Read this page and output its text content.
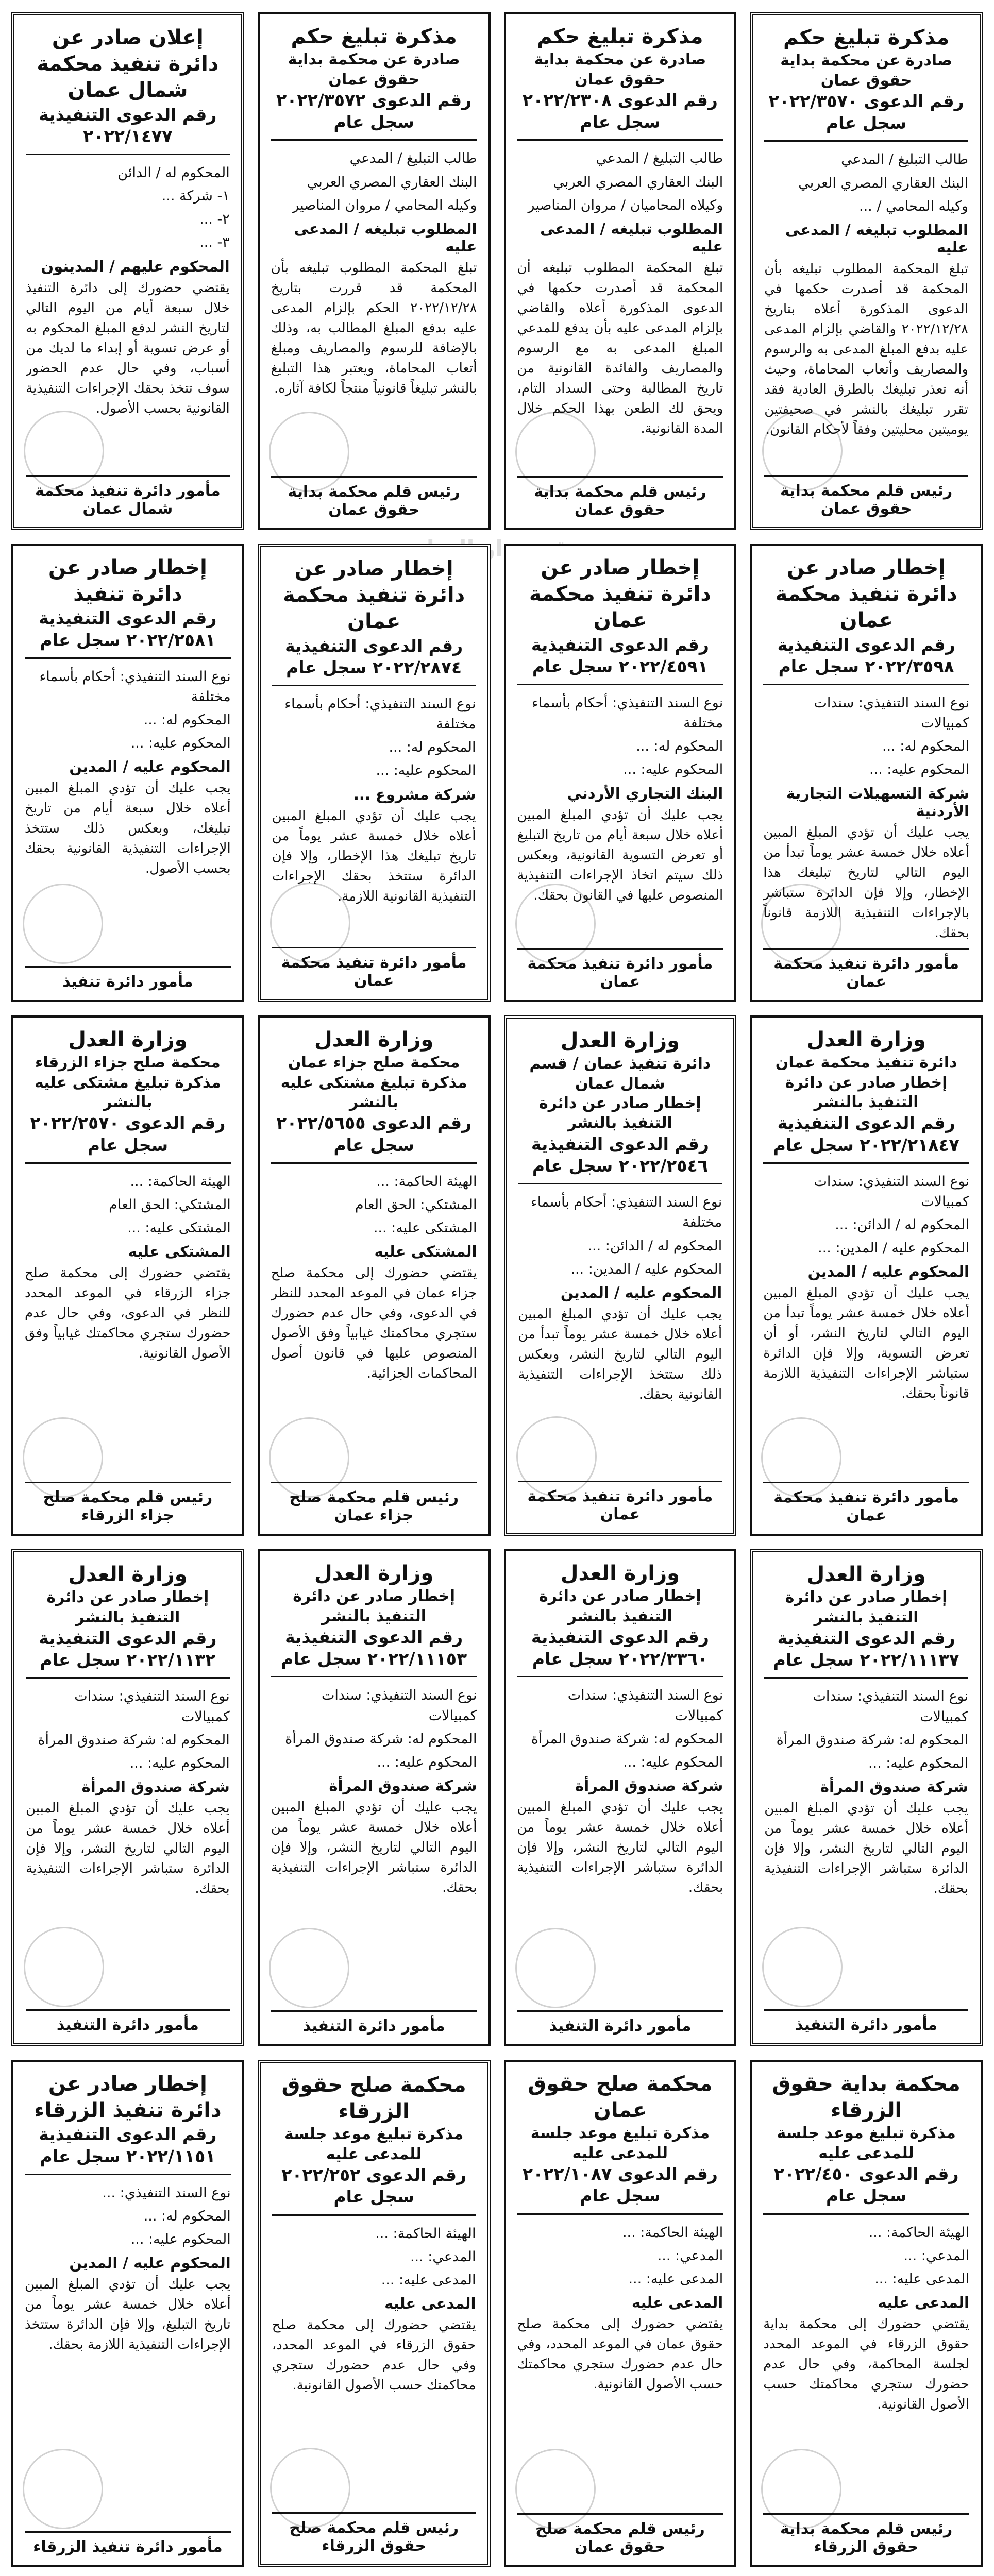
موقع مدار الساعة
مذكرة تبليغ حكم
صادرة عن محكمة بداية حقوق عمان
رقم الدعوى ٢٠٢٢/٣٥٧٠ سجل عام
طالب التبليغ / المدعي
البنك العقاري المصري العربي
وكيله المحامي / ...
المطلوب تبليغه / المدعى عليه
تبلغ المحكمة المطلوب تبليغه بأن المحكمة قد أصدرت حكمها في الدعوى المذكورة أعلاه بتاريخ ٢٠٢٢/١٢/٢٨ والقاضي بإلزام المدعى عليه بدفع المبلغ المدعى به والرسوم والمصاريف وأتعاب المحاماة، وحيث أنه تعذر تبليغك بالطرق العادية فقد تقرر تبليغك بالنشر في صحيفتين يوميتين محليتين وفقاً لأحكام القانون.
رئيس قلم محكمة بداية حقوق عمان
مذكرة تبليغ حكم
صادرة عن محكمة بداية حقوق عمان
رقم الدعوى ٢٠٢٢/٢٣٠٨ سجل عام
طالب التبليغ / المدعي
البنك العقاري المصري العربي
وكيلاه المحاميان / مروان المناصير
المطلوب تبليغه / المدعى عليه
تبلغ المحكمة المطلوب تبليغه أن المحكمة قد أصدرت حكمها في الدعوى المذكورة أعلاه والقاضي بإلزام المدعى عليه بأن يدفع للمدعي المبلغ المدعى به مع الرسوم والمصاريف والفائدة القانونية من تاريخ المطالبة وحتى السداد التام، ويحق لك الطعن بهذا الحكم خلال المدة القانونية.
رئيس قلم محكمة بداية حقوق عمان
مذكرة تبليغ حكم
صادرة عن محكمة بداية حقوق عمان
رقم الدعوى ٢٠٢٢/٣٥٧٢ سجل عام
طالب التبليغ / المدعي
البنك العقاري المصري العربي
وكيله المحامي / مروان المناصير
المطلوب تبليغه / المدعى عليه
تبلغ المحكمة المطلوب تبليغه بأن المحكمة قد قررت بتاريخ ٢٠٢٢/١٢/٢٨ الحكم بإلزام المدعى عليه بدفع المبلغ المطالب به، وذلك بالإضافة للرسوم والمصاريف ومبلغ أتعاب المحاماة، ويعتبر هذا التبليغ بالنشر تبليغاً قانونياً منتجاً لكافة آثاره.
رئيس قلم محكمة بداية حقوق عمان
إعلان صادر عن دائرة تنفيذ محكمة شمال عمان
رقم الدعوى التنفيذية ٢٠٢٢/١٤٧٧
المحكوم له / الدائن
١- شركة ...
٢- ...
٣- ...
المحكوم عليهم / المدينون
يقتضي حضورك إلى دائرة التنفيذ خلال سبعة أيام من اليوم التالي لتاريخ النشر لدفع المبلغ المحكوم به أو عرض تسوية أو إبداء ما لديك من أسباب، وفي حال عدم الحضور سوف تتخذ بحقك الإجراءات التنفيذية القانونية بحسب الأصول.
مأمور دائرة تنفيذ محكمة شمال عمان
إخطار صادر عن دائرة تنفيذ محكمة عمان
رقم الدعوى التنفيذية ٢٠٢٢/٣٥٩٨ سجل عام
نوع السند التنفيذي: سندات كمبيالات
المحكوم له: ...
المحكوم عليه: ...
شركة التسهيلات التجارية الأردنية
يجب عليك أن تؤدي المبلغ المبين أعلاه خلال خمسة عشر يوماً تبدأ من اليوم التالي لتاريخ تبليغك هذا الإخطار، وإلا فإن الدائرة ستباشر بالإجراءات التنفيذية اللازمة قانوناً بحقك.
مأمور دائرة تنفيذ محكمة عمان
إخطار صادر عن دائرة تنفيذ محكمة عمان
رقم الدعوى التنفيذية ٢٠٢٢/٤٥٩١ سجل عام
نوع السند التنفيذي: أحكام بأسماء مختلفة
المحكوم له: ...
المحكوم عليه: ...
البنك التجاري الأردني
يجب عليك أن تؤدي المبلغ المبين أعلاه خلال سبعة أيام من تاريخ التبليغ أو تعرض التسوية القانونية، وبعكس ذلك سيتم اتخاذ الإجراءات التنفيذية المنصوص عليها في القانون بحقك.
مأمور دائرة تنفيذ محكمة عمان
إخطار صادر عن دائرة تنفيذ محكمة عمان
رقم الدعوى التنفيذية ٢٠٢٢/٢٨٧٤ سجل عام
نوع السند التنفيذي: أحكام بأسماء مختلفة
المحكوم له: ...
المحكوم عليه: ...
شركة مشروع ...
يجب عليك أن تؤدي المبلغ المبين أعلاه خلال خمسة عشر يوماً من تاريخ تبليغك هذا الإخطار، وإلا فإن الدائرة ستتخذ بحقك الإجراءات التنفيذية القانونية اللازمة.
مأمور دائرة تنفيذ محكمة عمان
إخطار صادر عن دائرة تنفيذ
رقم الدعوى التنفيذية ٢٠٢٢/٢٥٨١ سجل عام
نوع السند التنفيذي: أحكام بأسماء مختلفة
المحكوم له: ...
المحكوم عليه: ...
المحكوم عليه / المدين
يجب عليك أن تؤدي المبلغ المبين أعلاه خلال سبعة أيام من تاريخ تبليغك، وبعكس ذلك ستتخذ الإجراءات التنفيذية القانونية بحقك بحسب الأصول.
مأمور دائرة تنفيذ
وزارة العدل
دائرة تنفيذ محكمة عمان
إخطار صادر عن دائرة التنفيذ بالنشر
رقم الدعوى التنفيذية ٢٠٢٢/٢١٨٤٧ سجل عام
نوع السند التنفيذي: سندات كمبيالات
المحكوم له / الدائن: ...
المحكوم عليه / المدين: ...
المحكوم عليه / المدين
يجب عليك أن تؤدي المبلغ المبين أعلاه خلال خمسة عشر يوماً تبدأ من اليوم التالي لتاريخ النشر، أو أن تعرض التسوية، وإلا فإن الدائرة ستباشر الإجراءات التنفيذية اللازمة قانوناً بحقك.
مأمور دائرة تنفيذ محكمة عمان
وزارة العدل
دائرة تنفيذ عمان / قسم شمال عمان
إخطار صادر عن دائرة التنفيذ بالنشر
رقم الدعوى التنفيذية ٢٠٢٢/٢٥٤٦ سجل عام
نوع السند التنفيذي: أحكام بأسماء مختلفة
المحكوم له / الدائن: ...
المحكوم عليه / المدين: ...
المحكوم عليه / المدين
يجب عليك أن تؤدي المبلغ المبين أعلاه خلال خمسة عشر يوماً تبدأ من اليوم التالي لتاريخ النشر، وبعكس ذلك ستتخذ الإجراءات التنفيذية القانونية بحقك.
مأمور دائرة تنفيذ محكمة عمان
وزارة العدل
محكمة صلح جزاء عمان
مذكرة تبليغ مشتكى عليه بالنشر
رقم الدعوى ٢٠٢٢/٥٦٥٥ سجل عام
الهيئة الحاكمة: ...
المشتكي: الحق العام
المشتكى عليه: ...
المشتكى عليه
يقتضي حضورك إلى محكمة صلح جزاء عمان في الموعد المحدد للنظر في الدعوى، وفي حال عدم حضورك ستجري محاكمتك غيابياً وفق الأصول المنصوص عليها في قانون أصول المحاكمات الجزائية.
رئيس قلم محكمة صلح جزاء عمان
وزارة العدل
محكمة صلح جزاء الزرقاء
مذكرة تبليغ مشتكى عليه بالنشر
رقم الدعوى ٢٠٢٢/٢٥٧٠ سجل عام
الهيئة الحاكمة: ...
المشتكي: الحق العام
المشتكى عليه: ...
المشتكى عليه
يقتضي حضورك إلى محكمة صلح جزاء الزرقاء في الموعد المحدد للنظر في الدعوى، وفي حال عدم حضورك ستجري محاكمتك غيابياً وفق الأصول القانونية.
رئيس قلم محكمة صلح جزاء الزرقاء
وزارة العدل
إخطار صادر عن دائرة التنفيذ بالنشر
رقم الدعوى التنفيذية ٢٠٢٢/١١١٣٧ سجل عام
نوع السند التنفيذي: سندات كمبيالات
المحكوم له: شركة صندوق المرأة
المحكوم عليه: ...
شركة صندوق المرأة
يجب عليك أن تؤدي المبلغ المبين أعلاه خلال خمسة عشر يوماً من اليوم التالي لتاريخ النشر، وإلا فإن الدائرة ستباشر الإجراءات التنفيذية بحقك.
مأمور دائرة التنفيذ
وزارة العدل
إخطار صادر عن دائرة التنفيذ بالنشر
رقم الدعوى التنفيذية ٢٠٢٢/٣٣٦٠ سجل عام
نوع السند التنفيذي: سندات كمبيالات
المحكوم له: شركة صندوق المرأة
المحكوم عليه: ...
شركة صندوق المرأة
يجب عليك أن تؤدي المبلغ المبين أعلاه خلال خمسة عشر يوماً من اليوم التالي لتاريخ النشر، وإلا فإن الدائرة ستباشر الإجراءات التنفيذية بحقك.
مأمور دائرة التنفيذ
وزارة العدل
إخطار صادر عن دائرة التنفيذ بالنشر
رقم الدعوى التنفيذية ٢٠٢٢/١١١٥٣ سجل عام
نوع السند التنفيذي: سندات كمبيالات
المحكوم له: شركة صندوق المرأة
المحكوم عليه: ...
شركة صندوق المرأة
يجب عليك أن تؤدي المبلغ المبين أعلاه خلال خمسة عشر يوماً من اليوم التالي لتاريخ النشر، وإلا فإن الدائرة ستباشر الإجراءات التنفيذية بحقك.
مأمور دائرة التنفيذ
وزارة العدل
إخطار صادر عن دائرة التنفيذ بالنشر
رقم الدعوى التنفيذية ٢٠٢٢/١١٣٢ سجل عام
نوع السند التنفيذي: سندات كمبيالات
المحكوم له: شركة صندوق المرأة
المحكوم عليه: ...
شركة صندوق المرأة
يجب عليك أن تؤدي المبلغ المبين أعلاه خلال خمسة عشر يوماً من اليوم التالي لتاريخ النشر، وإلا فإن الدائرة ستباشر الإجراءات التنفيذية بحقك.
مأمور دائرة التنفيذ
محكمة بداية حقوق الزرقاء
مذكرة تبليغ موعد جلسة للمدعى عليه
رقم الدعوى ٢٠٢٢/٤٥٠ سجل عام
الهيئة الحاكمة: ...
المدعي: ...
المدعى عليه: ...
المدعى عليه
يقتضي حضورك إلى محكمة بداية حقوق الزرقاء في الموعد المحدد لجلسة المحاكمة، وفي حال عدم حضورك ستجري محاكمتك حسب الأصول القانونية.
رئيس قلم محكمة بداية حقوق الزرقاء
محكمة صلح حقوق عمان
مذكرة تبليغ موعد جلسة للمدعى عليه
رقم الدعوى ٢٠٢٢/١٠٨٧ سجل عام
الهيئة الحاكمة: ...
المدعي: ...
المدعى عليه: ...
المدعى عليه
يقتضي حضورك إلى محكمة صلح حقوق عمان في الموعد المحدد، وفي حال عدم حضورك ستجري محاكمتك حسب الأصول القانونية.
رئيس قلم محكمة صلح حقوق عمان
محكمة صلح حقوق الزرقاء
مذكرة تبليغ موعد جلسة للمدعى عليه
رقم الدعوى ٢٠٢٢/٢٥٢ سجل عام
الهيئة الحاكمة: ...
المدعي: ...
المدعى عليه: ...
المدعى عليه
يقتضي حضورك إلى محكمة صلح حقوق الزرقاء في الموعد المحدد، وفي حال عدم حضورك ستجري محاكمتك حسب الأصول القانونية.
رئيس قلم محكمة صلح حقوق الزرقاء
إخطار صادر عن دائرة تنفيذ الزرقاء
رقم الدعوى التنفيذية ٢٠٢٢/١١٥١ سجل عام
نوع السند التنفيذي: ...
المحكوم له: ...
المحكوم عليه: ...
المحكوم عليه / المدين
يجب عليك أن تؤدي المبلغ المبين أعلاه خلال خمسة عشر يوماً من تاريخ التبليغ، وإلا فإن الدائرة ستتخذ الإجراءات التنفيذية اللازمة بحقك.
مأمور دائرة تنفيذ الزرقاء
